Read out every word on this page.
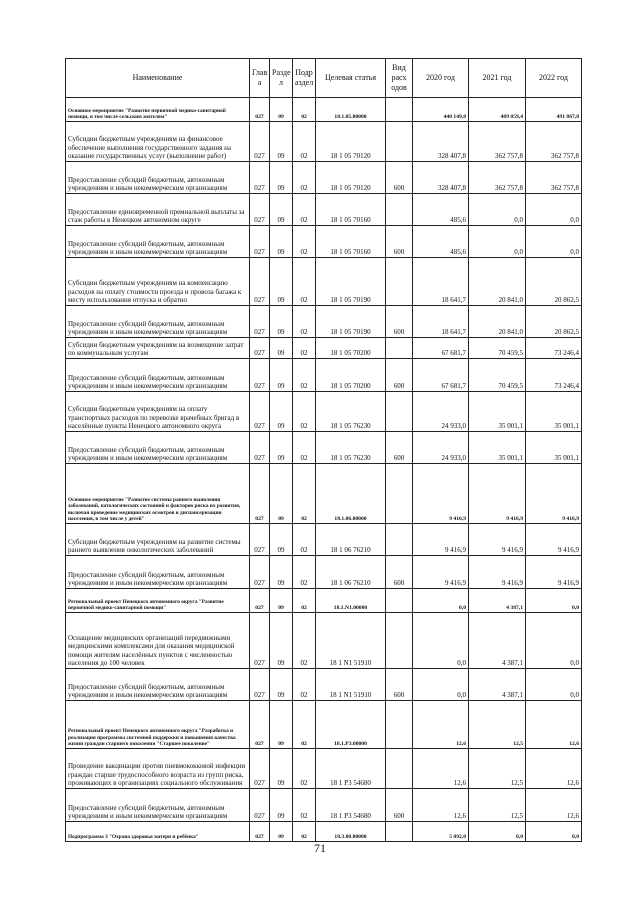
Наименование	Глав а	Разде л	Подр аздел	Целевая статья	Вид расх одов	2020 год	2021 год	2022 год
Основное мероприятие "Развитие первичной медико-санитарной помощи, в том числе сельским жителям"	027	09	02	18.1.05.00000		440 149,8	489 059,4	491 867,8
Субсидии бюджетным учреждениям на финансовое обеспечение выполнения государственного задания на оказание государственных услуг (выполнение работ)	027	09	02	18 1 05 70120		328 407,8	362 757,8	362 757,8
Предоставление субсидий бюджетным, автономным учреждениям и иным некоммерческим организациям	027	09	02	18 1 05 70120	600	328 407,8	362 757,8	362 757,8
Предоставление единовременной премиальной выплаты за стаж работы в Ненецком автономном округе	027	09	02	18 1 05 70160		485,6	0,0	0,0
Предоставление субсидий бюджетным, автономным учреждениям и иным некоммерческим организациям	027	09	02	18 1 05 70160	600	485,6	0,0	0,0
Субсидии бюджетным учреждениям на компенсацию расходов на оплату стоимости проезда и провоза багажа к месту использования отпуска и обратно	027	09	02	18 1 05 70190		18 641,7	20 841,0	20 862,5
Предоставление субсидий бюджетным, автономным учреждениям и иным некоммерческим организациям	027	09	02	18 1 05 70190	600	18 641,7	20 841,0	20 862,5
Субсидии бюджетным учреждениям на возмещение затрат по коммунальным услугам	027	09	02	18 1 05 70200		67 681,7	70 459,5	73 246,4
Предоставление субсидий бюджетным, автономным учреждениям и иным некоммерческим организациям	027	09	02	18 1 05 70200	600	67 681,7	70 459,5	73 246,4
Субсидии бюджетным учреждениям на оплату транспортных расходов по перевозке врачебных бригад в населённые пункты Ненецкого автономного округа	027	09	02	18 1 05 76230		24 933,0	35 001,1	35 001,1
Предоставление субсидий бюджетным, автономным учреждениям и иным некоммерческим организациям	027	09	02	18 1 05 76230	600	24 933,0	35 001,1	35 001,1
Основное мероприятие "Развитие системы раннего выявления заболеваний, патологических состояний и факторов риска их развития, включая проведение медицинских осмотров и диспансеризации населения, в том числе у детей"	027	09	02	18.1.06.00000		9 416,9	9 416,9	9 416,9
Субсидии бюджетным учреждениям на развитие системы раннего выявления онкологических заболеваний	027	09	02	18 1 06 76210		9 416,9	9 416,9	9 416,9
Предоставление субсидий бюджетным, автономным учреждениям и иным некоммерческим организациям	027	09	02	18 1 06 76210	600	9 416,9	9 416,9	9 416,9
Региональный проект Ненецкого автономного округа "Развитие первичной медико-санитарной помощи"	027	09	02	18.1.N1.00000		0,0	4 387,1	0,0
Оснащение медицинских организаций передвижными медицинскими комплексами для оказания медицинской помощи жителям населённых пунктов с численностью населения до 100 человек	027	09	02	18 1 N1 51910		0,0	4 387,1	0,0
Предоставление субсидий бюджетным, автономным учреждениям и иным некоммерческим организациям	027	09	02	18 1 N1 51910	600	0,0	4 387,1	0,0
Региональный проект Ненецкого автономного округа "Разработка и реализация программы системной поддержки и повышения качества жизни граждан старшего поколения "Старшее поколение"	027	09	02	18.1.P3.00000		12,6	12,5	12,6
Проведение вакцинации против пневмококковой инфекции граждан старше трудоспособного возраста из групп риска, проживающих в организациях социального обслуживания	027	09	02	18 1 P3 54680		12,6	12,5	12,6
Предоставление субсидий бюджетным, автономным учреждениям и иным некоммерческим организациям	027	09	02	18 1 P3 54680	600	12,6	12,5	12,6
Подпрограмма 3 "Охрана здоровья матери и ребёнка"	027	09	02	18.3.00.00000		5 092,0	0,0	0,0
71
